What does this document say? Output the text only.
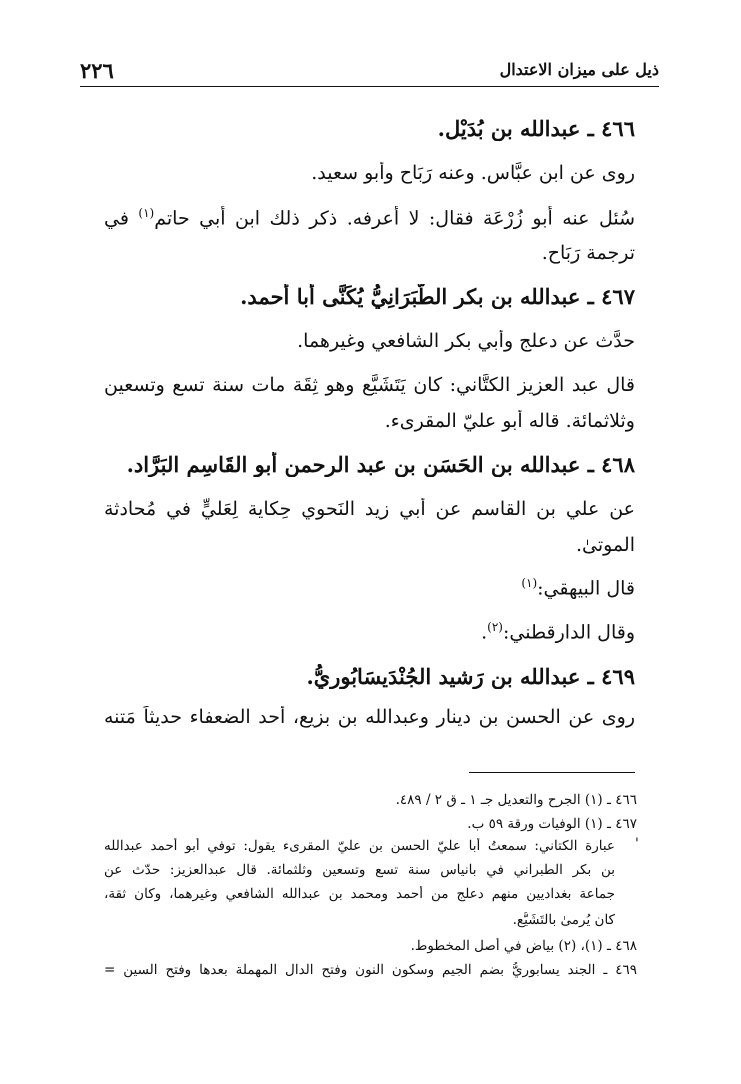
٢٢٦	ذيل على ميزان الاعتدال
٤٦٦ ـ عبدالله بن بُدَيْل.
روى عن ابن عبَّاس. وعنه رَبَاح وأبو سعيد.
سُئل عنه أبو زُرْعَة فقال: لا أعرفه. ذكر ذلك ابن أبي حاتم$^{(١)}$ في
ترجمة رَبَاح.
٤٦٧ ـ عبدالله بن بكر الطَّبَرَانِيُّ يُكَنَّى أبا أحمد.
حدَّث عن دعلج وأبي بكر الشافعي وغيرهما.
قال عبد العزيز الكتَّاني: كان يَتَشَيَّع وهو ثِقَة مات سنة تسع وتسعين
وثلاثمائة. قاله أبو عليّ المقرىء.
٤٦٨ ـ عبدالله بن الحَسَن بن عبد الرحمن أبو القَاسِم البَرَّاد.
عن علي بن القاسم عن أبي زيد النَحوي حِكاية لِعَليٍّ في مُحادثة
الموتىٰ.
قال البيهقي:$^{(١)}$
وقال الدارقطني:$^{(٢)}$.
٤٦٩ ـ عبدالله بن رَشيد الجُنْدَيسَابُورِيُّ.
روى عن الحسن بن دينار وعبدالله بن بزيع، أحد الضعفاء حديثاً مَتنه
٤٦٦ ـ (١) الجرح والتعديل جـ ١ ـ ق ٢ / ٤٨٩.
٤٦٧ ـ (١) الوفيات ورقة ٥٩ ب.
عبارة الكتاني: سمعتُ أبا عليّ الحسن بن عليّ المقرىء يقول: توفي أبو أحمد عبدالله
بن بكر الطبراني في بانياس سنة تسع وتسعين وثلثمائة. قال عبدالعزيز: حدّث عن
جماعة بغداديين منهم دعلج من أحمد ومحمد بن عبدالله الشافعي وغيرهما، وكان ثقة،
كان يُرمىٰ بالتَشَيُّع.
٤٦٨ ـ (١)، (٢) بياض في أصل المخطوط.
٤٦٩ ـ الجند يسابوريُّ بضم الجيم وسكون النون وفتح الدال المهملة بعدها وفتح السين =
'
